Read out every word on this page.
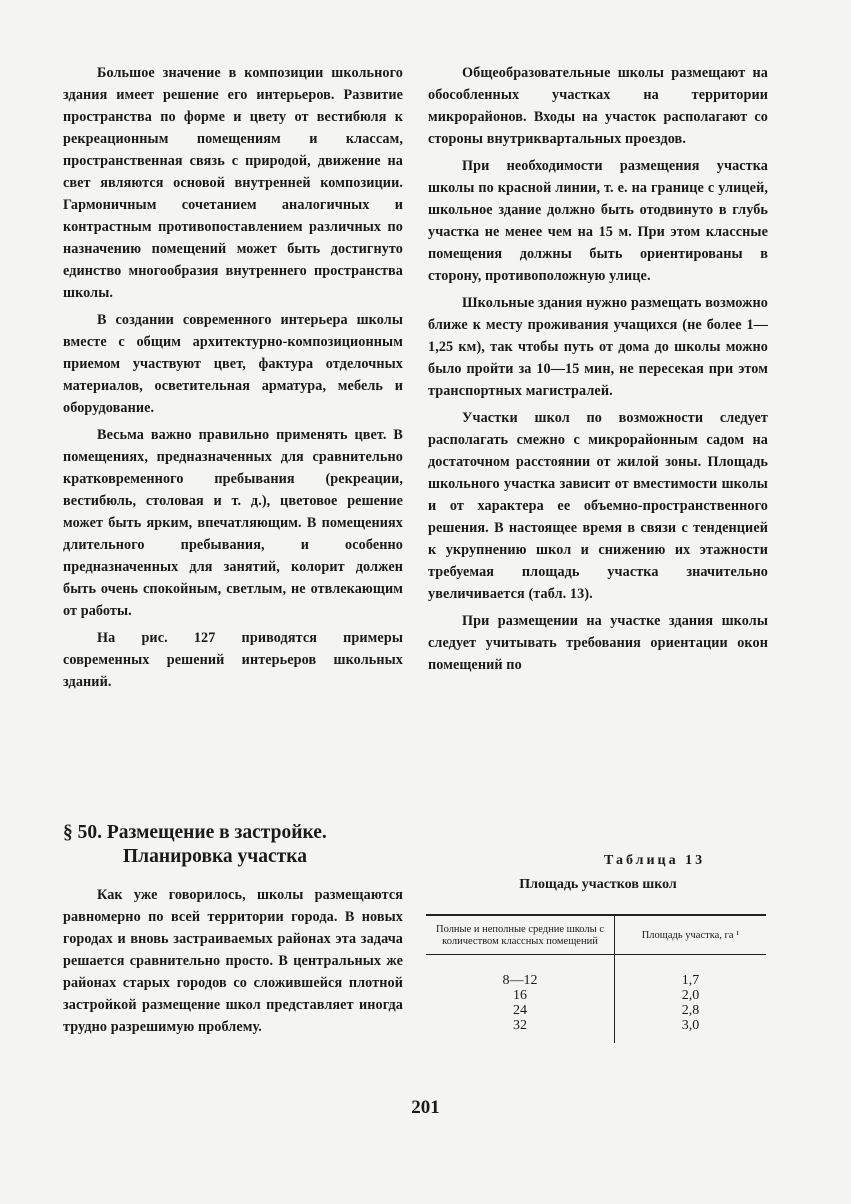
Большое значение в композиции школьного здания имеет решение его интерьеров. Развитие пространства по форме и цвету от вестибюля к рекреационным помещениям и классам, пространственная связь с природой, движение на свет являются основой внутренней композиции. Гармоничным сочетанием аналогичных и контрастным противопоставлением различных по назначению помещений может быть достигнуто единство многообразия внутреннего пространства школы.

В создании современного интерьера школы вместе с общим архитектурно-композиционным приемом участвуют цвет, фактура отделочных материалов, осветительная арматура, мебель и оборудование.

Весьма важно правильно применять цвет. В помещениях, предназначенных для сравнительно кратковременного пребывания (рекреации, вестибюль, столовая и т. д.), цветовое решение может быть ярким, впечатляющим. В помещениях длительного пребывания, и особенно предназначенных для занятий, колорит должен быть очень спокойным, светлым, не отвлекающим от работы.

На рис. 127 приводятся примеры современных решений интерьеров школьных зданий.

Общеобразовательные школы размещают на обособленных участках на территории микрорайонов. Входы на участок располагают со стороны внутриквартальных проездов.

При необходимости размещения участка школы по красной линии, т. е. на границе с улицей, школьное здание должно быть отодвинуто в глубь участка не менее чем на 15 м. При этом классные помещения должны быть ориентированы в сторону, противоположную улице.

Школьные здания нужно размещать возможно ближе к месту проживания учащихся (не более 1—1,25 км), так чтобы путь от дома до школы можно было пройти за 10—15 мин, не пересекая при этом транспортных магистралей.

Участки школ по возможности следует располагать смежно с микрорайонным садом на достаточном расстоянии от жилой зоны. Площадь школьного участка зависит от вместимости школы и от характера ее объемно-пространственного решения. В настоящее время в связи с тенденцией к укрупнению школ и снижению их этажности требуемая площадь участка значительно увеличивается (табл. 13).

При размещении на участке здания школы следует учитывать требования ориентации окон помещений по

§ 50. Размещение в застройке.
Планировка участка

Как уже говорилось, школы размещаются равномерно по всей территории города. В новых городах и вновь застраиваемых районах эта задача решается сравнительно просто. В центральных же районах старых городов со сложившейся плотной застройкой размещение школ представляет иногда трудно разрешимую проблему.

Таблица 13
Площадь участков школ
Полные и неполные средние школы с количеством классных помещений	Площадь участка, га ¹
8—12	1,7
16	2,0
24	2,8
32	3,0
201
